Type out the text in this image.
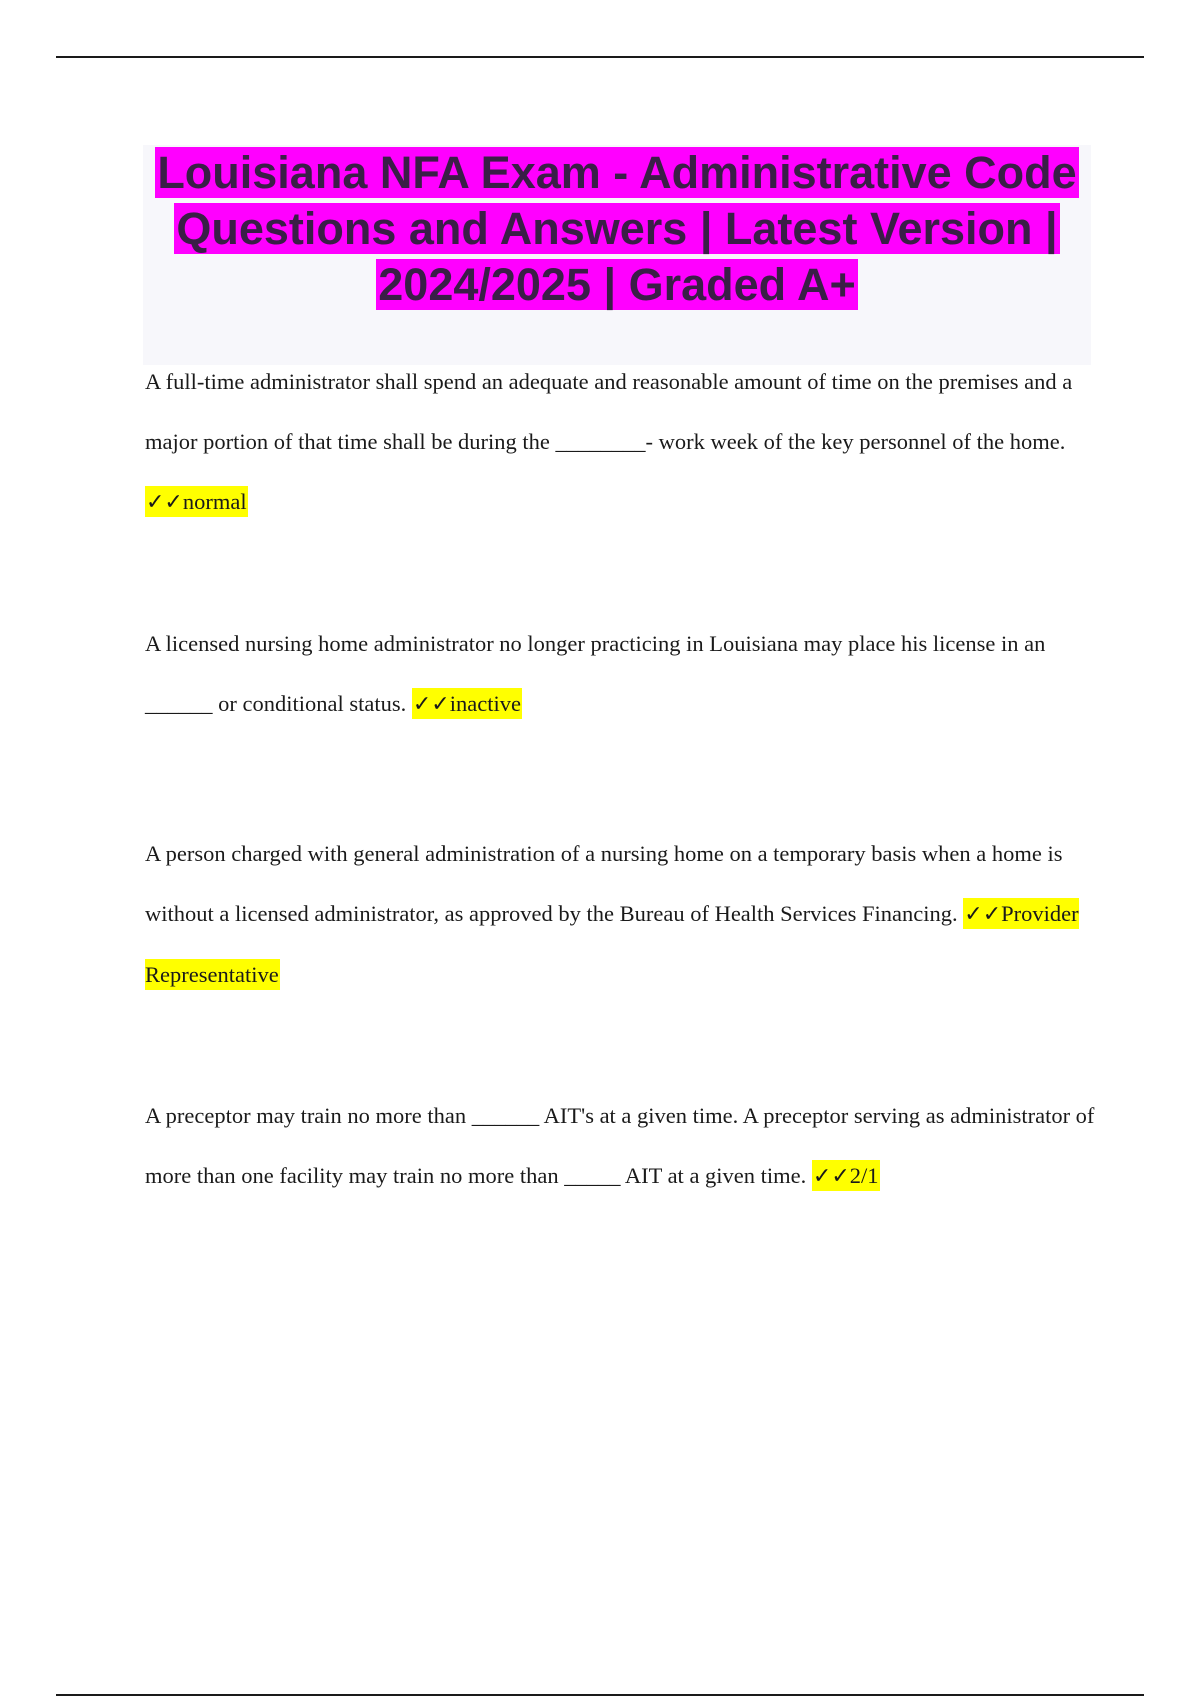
Louisiana NFA Exam - Administrative Code Questions and Answers | Latest Version | 2024/2025 | Graded A+

A full-time administrator shall spend an adequate and reasonable amount of time on the premises and a major portion of that time shall be during the ________- work week of the key personnel of the home. ✓✓normal

A licensed nursing home administrator no longer practicing in Louisiana may place his license in an ______ or conditional status. ✓✓inactive

A person charged with general administration of a nursing home on a temporary basis when a home is without a licensed administrator, as approved by the Bureau of Health Services Financing. ✓✓Provider Representative

A preceptor may train no more than ______ AIT's at a given time. A preceptor serving as administrator of more than one facility may train no more than _____ AIT at a given time. ✓✓2/1
